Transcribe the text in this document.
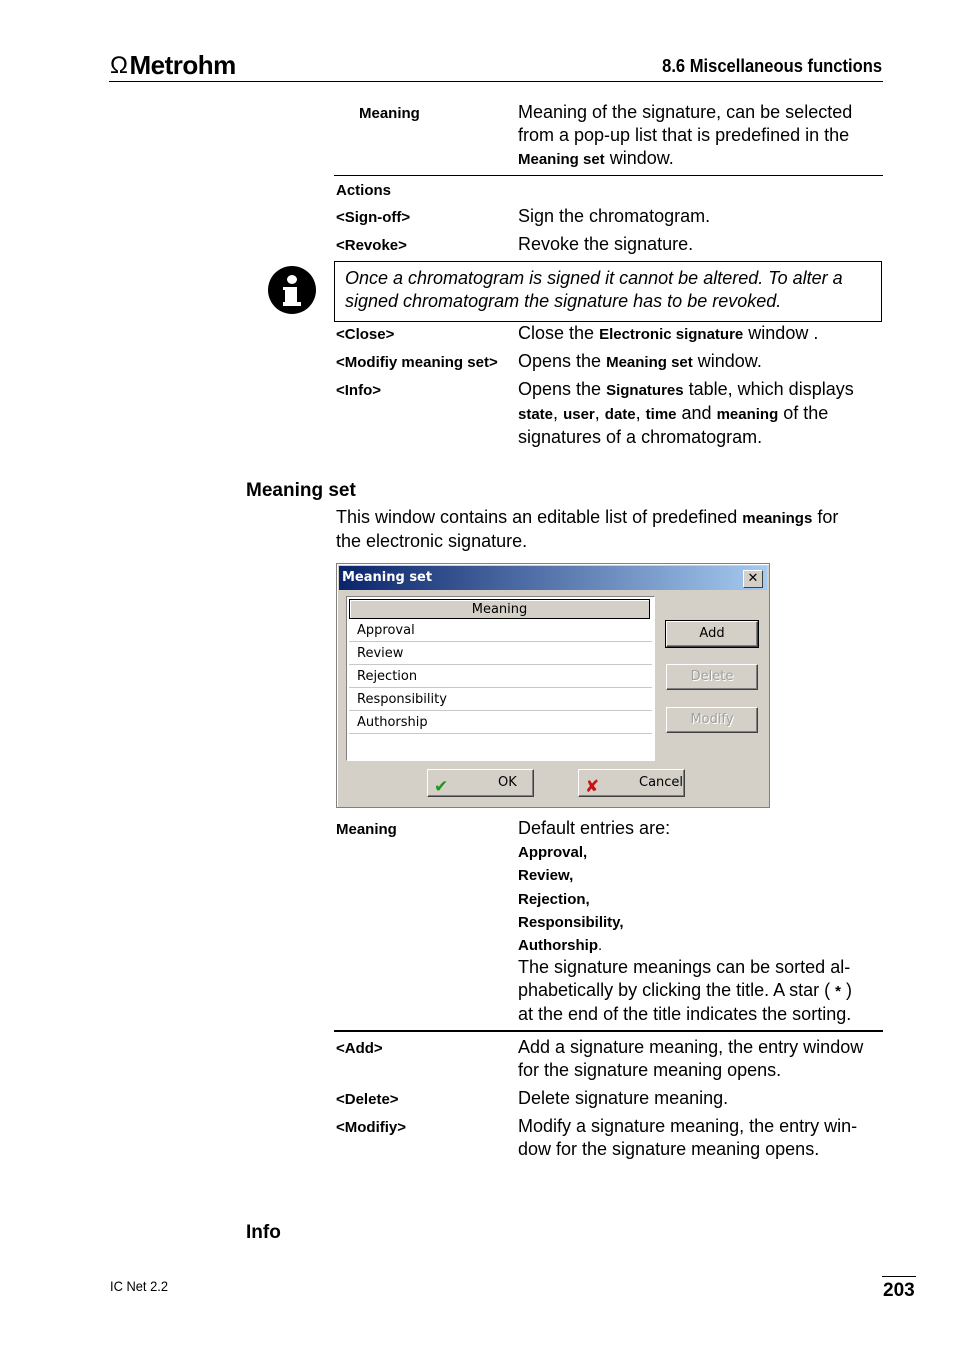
Ω Metrohm	8.6 Miscellaneous functions
Meaning	Meaning of the signature, can be selected
from a pop-up list that is predefined in the
Meaning set window.
Actions
<Sign-off>	Sign the chromatogram.
<Revoke>	Revoke the signature.
Once a chromatogram is signed it cannot be altered. To alter a signed chromatogram the signature has to be revoked.
<Close>	Close the Electronic signature window .
<Modifiy meaning set> Opens the Meaning set window.
<Info>	Opens the Signatures table, which displays
state, user, date, time and meaning of the
signatures of a chromatogram.
Meaning set
This window contains an editable list of predefined meanings for
the electronic signature.
Meaning set	✕
Meaning
Approval
Review
Rejection
Responsibility
Authorship
Add
Delete
Modify
✔	OK	✘	Cancel
Meaning	Default entries are:
Approval,
Review,
Rejection,
Responsibility,
Authorship.
The signature meanings can be sorted al-
phabetically by clicking the title. A star ( * )
at the end of the title indicates the sorting.
<Add>	Add a signature meaning, the entry window
for the signature meaning opens.
<Delete>	Delete signature meaning.
<Modifiy>	Modify a signature meaning, the entry win-
dow for the signature meaning opens.
Info
IC Net 2.2	203
